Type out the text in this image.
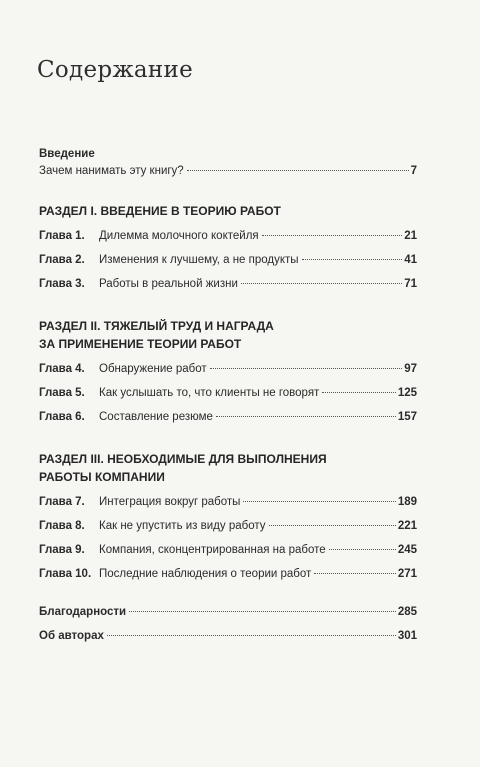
Содержание
Введение
Зачем нанимать эту книгу?	7
РАЗДЕЛ I. ВВЕДЕНИЕ В ТЕОРИЮ РАБОТ
Глава 1.	Дилемма молочного коктейля	21
Глава 2.	Изменения к лучшему, а не продукты	41
Глава 3.	Работы в реальной жизни	71
РАЗДЕЛ II. ТЯЖЕЛЫЙ ТРУД И НАГРАДА
ЗА ПРИМЕНЕНИЕ ТЕОРИИ РАБОТ
Глава 4.	Обнаружение работ	97
Глава 5.	Как услышать то, что клиенты не говорят	125
Глава 6.	Составление резюме	157
РАЗДЕЛ III. НЕОБХОДИМЫЕ ДЛЯ ВЫПОЛНЕНИЯ
РАБОТЫ КОМПАНИИ
Глава 7.	Интеграция вокруг работы	189
Глава 8.	Как не упустить из виду работу	221
Глава 9.	Компания, сконцентрированная на работе	245
Глава 10. Последние наблюдения о теории работ	271
Благодарности	285
Об авторах	301
